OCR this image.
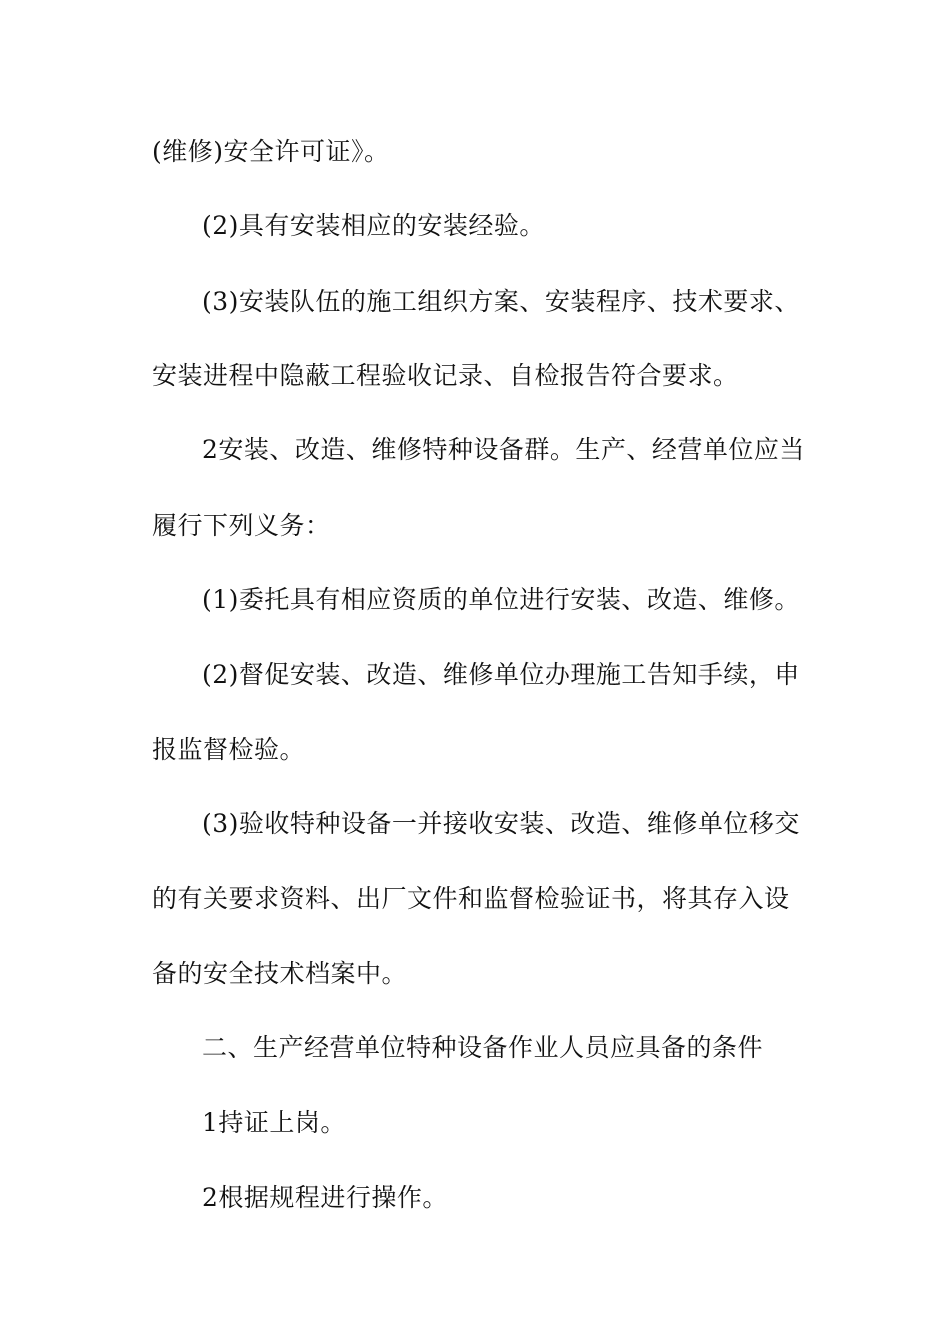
(维修)安全许可证》。
(2)具有安装相应的安装经验。
(3)安装队伍的施工组织方案、安装程序、技术要求、
安装进程中隐蔽工程验收记录、自检报告符合要求。
2安装、改造、维修特种设备群。生产、经营单位应当
履行下列义务：
(1)委托具有相应资质的单位进行安装、改造、维修。
(2)督促安装、改造、维修单位办理施工告知手续，申
报监督检验。
(3)验收特种设备一并接收安装、改造、维修单位移交
的有关要求资料、出厂文件和监督检验证书，将其存入设
备的安全技术档案中。
二、生产经营单位特种设备作业人员应具备的条件
1持证上岗。
2根据规程进行操作。
